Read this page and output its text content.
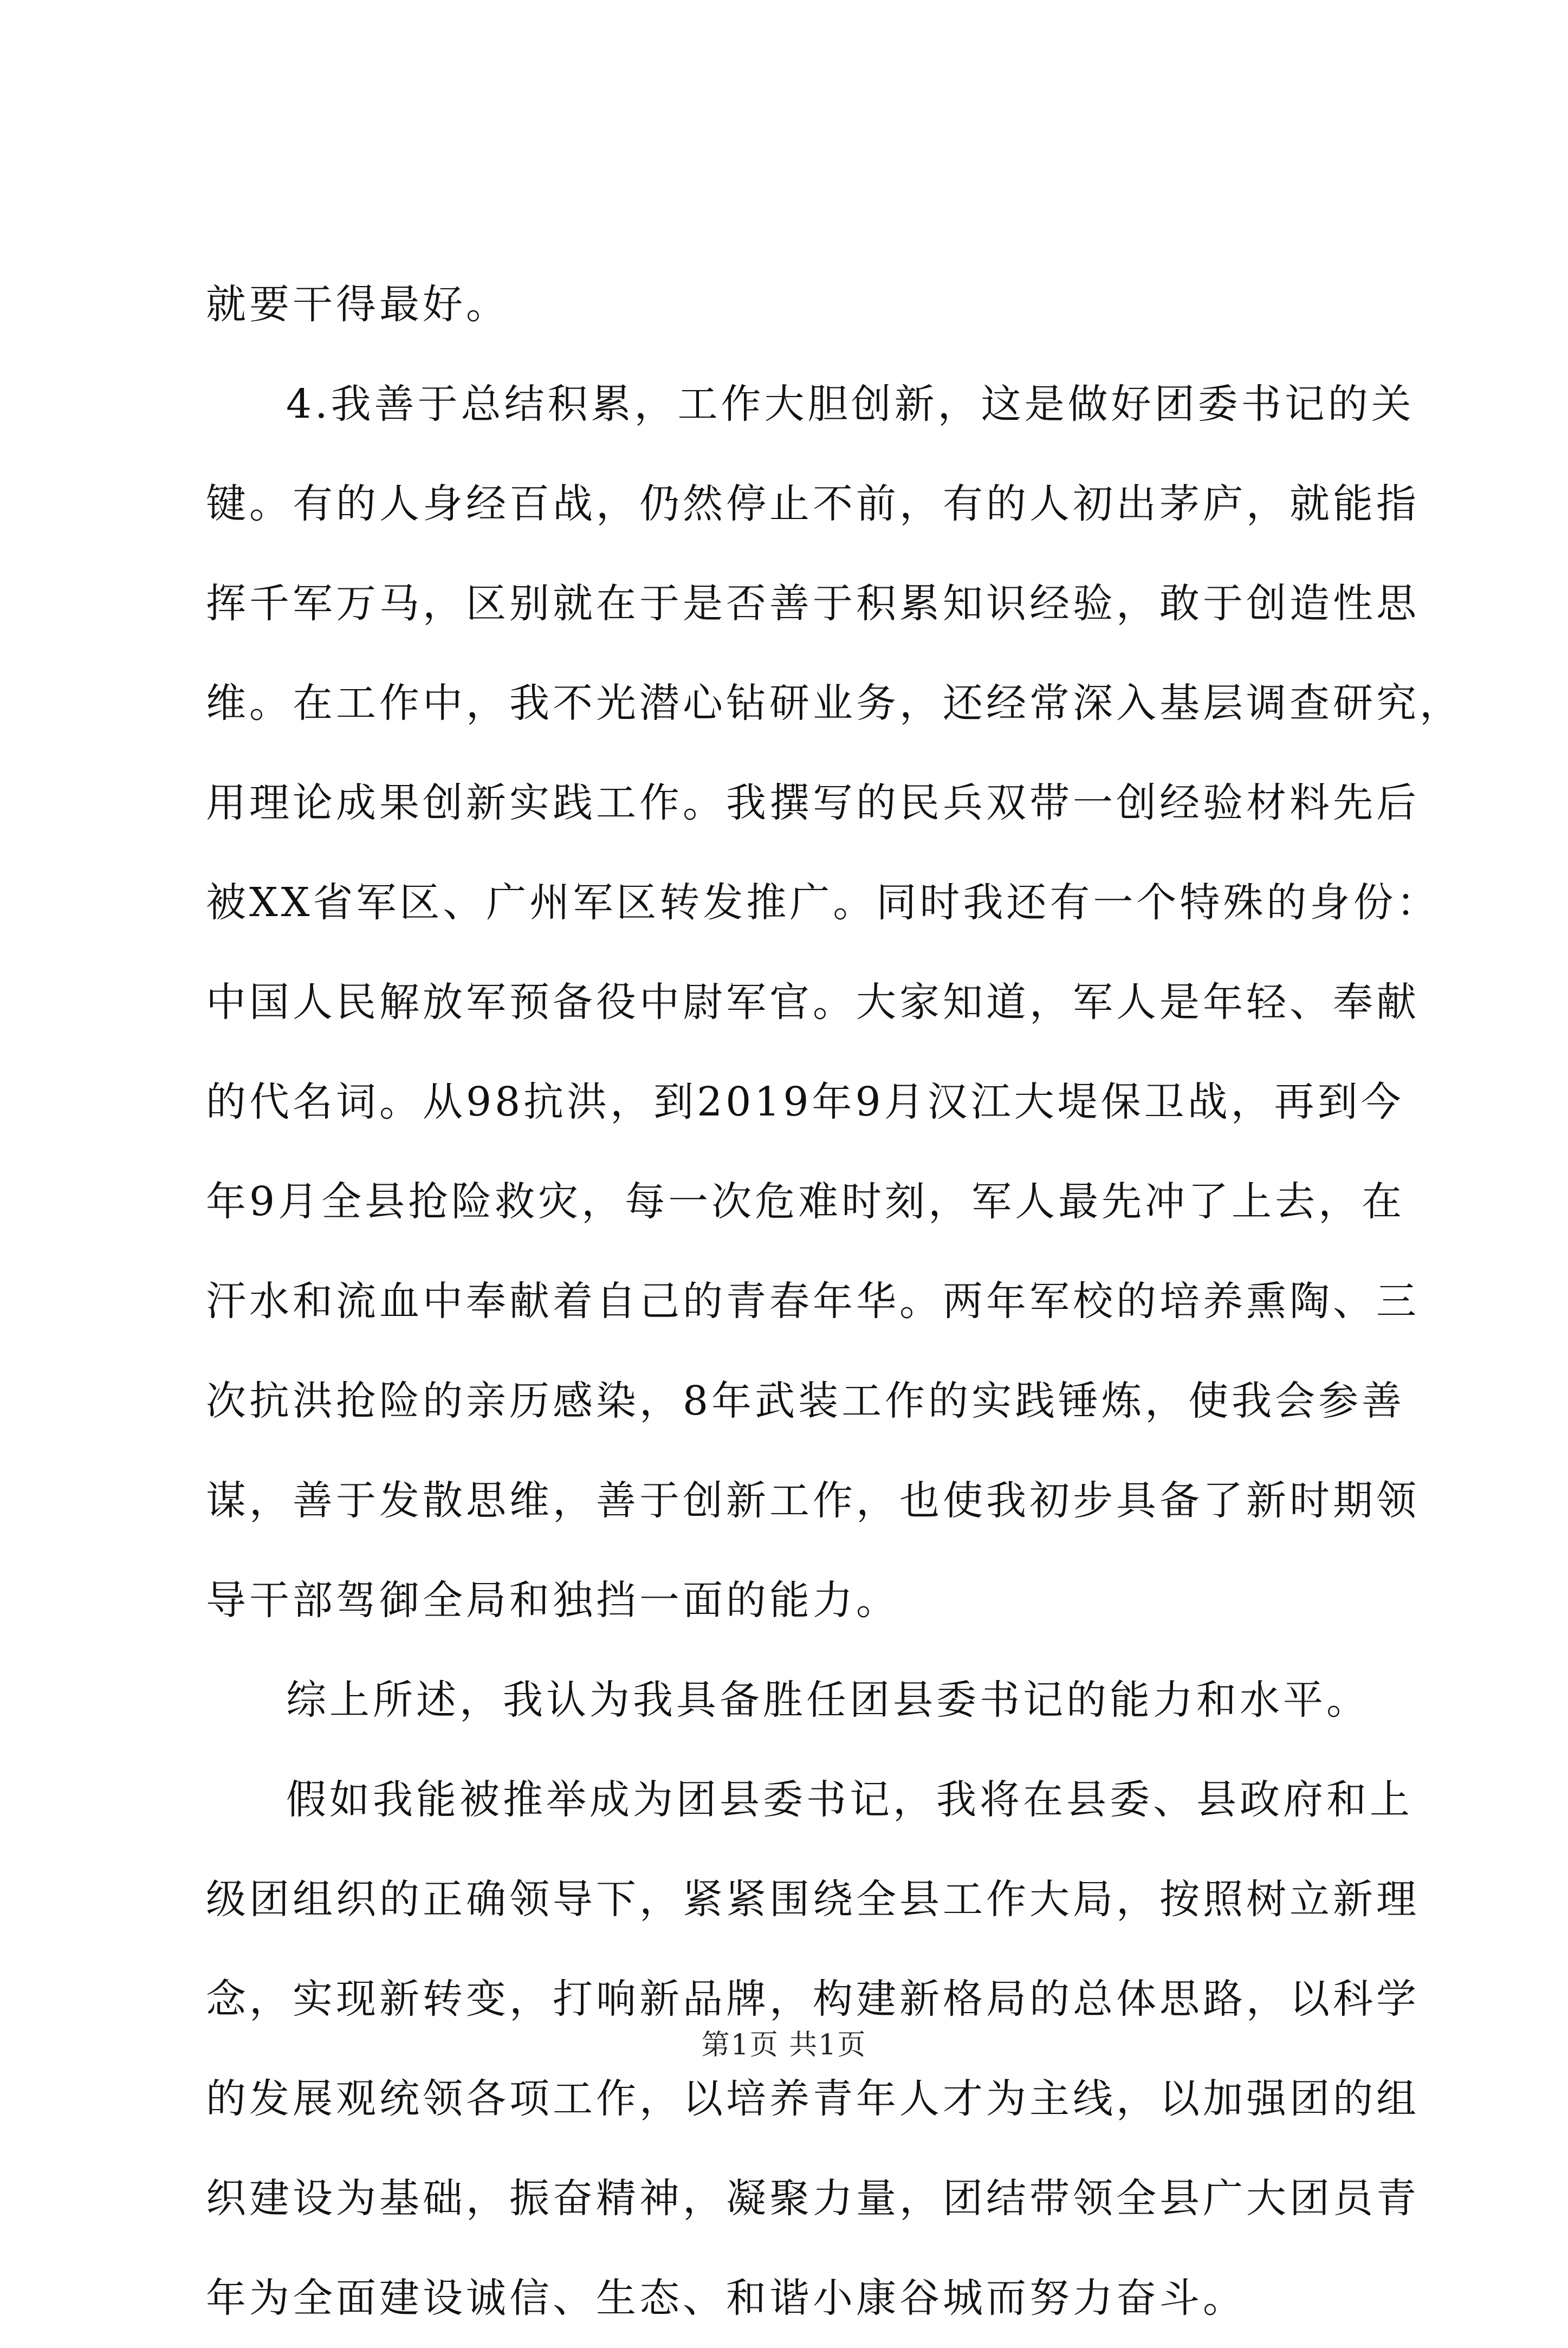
就要干得最好。
4.我善于总结积累，工作大胆创新，这是做好团委书记的关
键。有的人身经百战，仍然停止不前，有的人初出茅庐，就能指
挥千军万马，区别就在于是否善于积累知识经验，敢于创造性思
维。在工作中，我不光潜心钻研业务，还经常深入基层调查研究，
用理论成果创新实践工作。我撰写的民兵双带一创经验材料先后
被XX省军区、广州军区转发推广。同时我还有一个特殊的身份：
中国人民解放军预备役中尉军官。大家知道，军人是年轻、奉献
的代名词。从98抗洪，到2019年9月汉江大堤保卫战，再到今
年9月全县抢险救灾，每一次危难时刻，军人最先冲了上去，在
汗水和流血中奉献着自己的青春年华。两年军校的培养熏陶、三
次抗洪抢险的亲历感染，8年武装工作的实践锤炼，使我会参善
谋，善于发散思维，善于创新工作，也使我初步具备了新时期领
导干部驾御全局和独挡一面的能力。
综上所述，我认为我具备胜任团县委书记的能力和水平。
假如我能被推举成为团县委书记，我将在县委、县政府和上
级团组织的正确领导下，紧紧围绕全县工作大局，按照树立新理
念，实现新转变，打响新品牌，构建新格局的总体思路，以科学
的发展观统领各项工作，以培养青年人才为主线，以加强团的组
织建设为基础，振奋精神，凝聚力量，团结带领全县广大团员青
年为全面建设诚信、生态、和谐小康谷城而努力奋斗。
第1页 共1页
